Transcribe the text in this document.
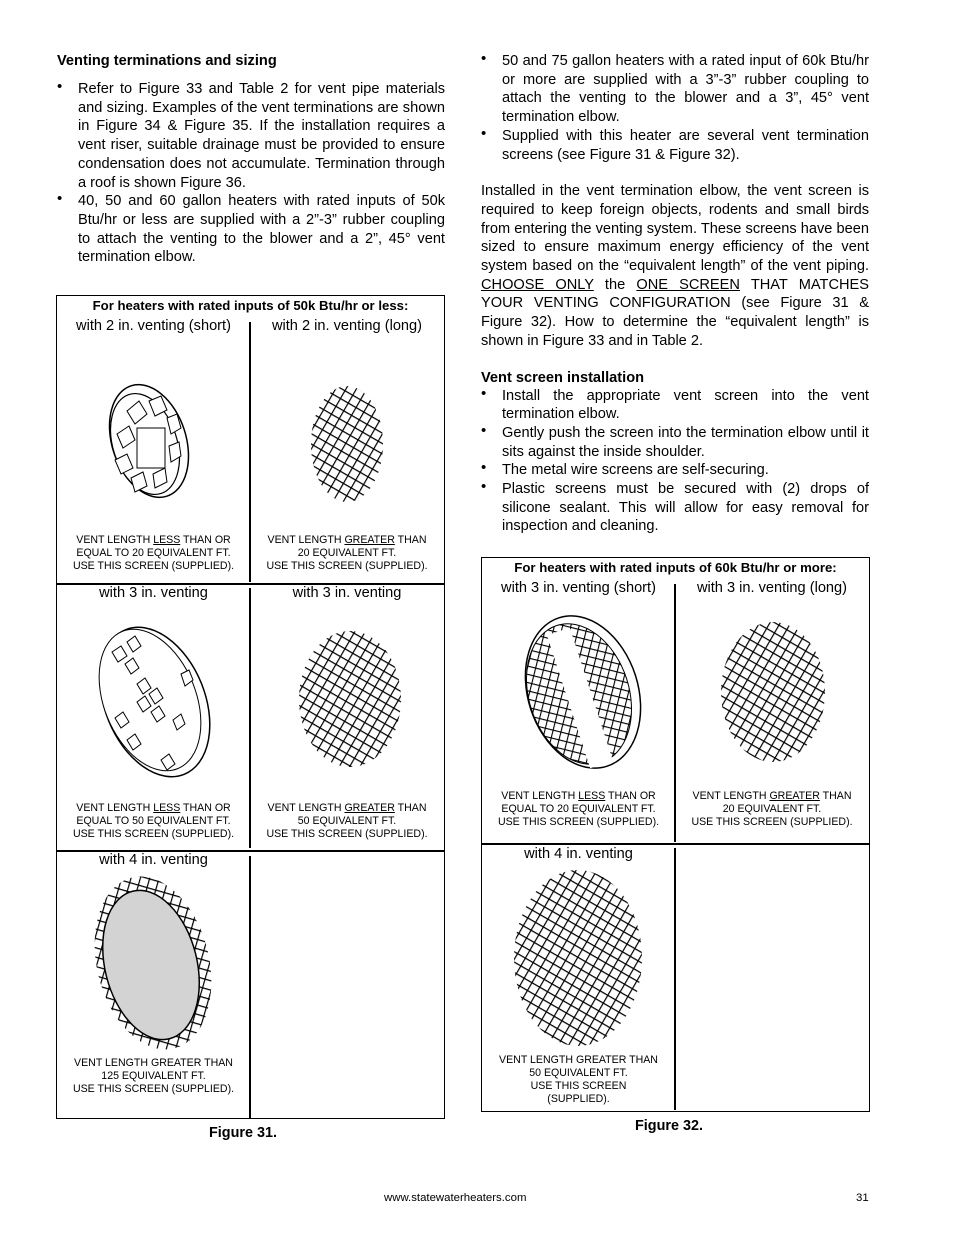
Venting terminations and sizing
• Refer to Figure 33 and Table 2 for vent pipe materials and sizing. Examples of the vent terminations are shown in Figure 34 & Figure 35. If the installation requires a vent riser, suitable drainage must be provided to ensure condensation does not accumulate. Termination through a roof is shown Figure 36.
• 40, 50 and 60 gallon heaters with rated inputs of 50k Btu/hr or less are supplied with a 2”-3” rubber coupling to attach the venting to the blower and a 2”, 45° vent termination elbow.
• 50 and 75 gallon heaters with a rated input of 60k Btu/hr or more are supplied with a 3”-3” rubber coupling to attach the venting to the blower and a 3”, 45° vent termination elbow.
• Supplied with this heater are several vent termination screens (see Figure 31 & Figure 32).

Installed in the vent termination elbow, the vent screen is required to keep foreign objects, rodents and small birds from entering the venting system. These screens have been sized to ensure maximum energy efficiency of the vent system based on the “equivalent length” of the vent piping. CHOOSE ONLY the ONE SCREEN THAT MATCHES YOUR VENTING CONFIGURATION (see Figure 31 & Figure 32). How to determine the “equivalent length” is shown in Figure 33 and in Table 2.

Vent screen installation
• Install the appropriate vent screen into the vent termination elbow.
• Gently push the screen into the termination elbow until it sits against the inside shoulder.
• The metal wire screens are self-securing.
• Plastic screens must be secured with (2) drops of silicone sealant. This will allow for easy removal for inspection and cleaning.
For heaters with rated inputs of 50k Btu/hr or less:
with 2 in. venting (short)
VENT LENGTH LESS THAN OR
EQUAL TO 20 EQUIVALENT FT.
USE THIS SCREEN (SUPPLIED).
with 2 in. venting (long)
VENT LENGTH GREATER THAN
20 EQUIVALENT FT.
USE THIS SCREEN (SUPPLIED).
with 3 in. venting
VENT LENGTH LESS THAN OR
EQUAL TO 50 EQUIVALENT FT.
USE THIS SCREEN (SUPPLIED).
with 3 in. venting
VENT LENGTH GREATER THAN
50 EQUIVALENT FT.
USE THIS SCREEN (SUPPLIED).
with 4 in. venting
VENT LENGTH GREATER THAN
125 EQUIVALENT FT.
USE THIS SCREEN (SUPPLIED).
Figure 31.
For heaters with rated inputs of 60k Btu/hr or more:
with 3 in. venting (short)
VENT LENGTH LESS THAN OR
EQUAL TO 20 EQUIVALENT FT.
USE THIS SCREEN (SUPPLIED).
with 3 in. venting (long)
VENT LENGTH GREATER THAN
20 EQUIVALENT FT.
USE THIS SCREEN (SUPPLIED).
with 4 in. venting
VENT LENGTH GREATER THAN
50 EQUIVALENT FT.
USE THIS SCREEN
(SUPPLIED).
Figure 32.
www.statewaterheaters.com	31
